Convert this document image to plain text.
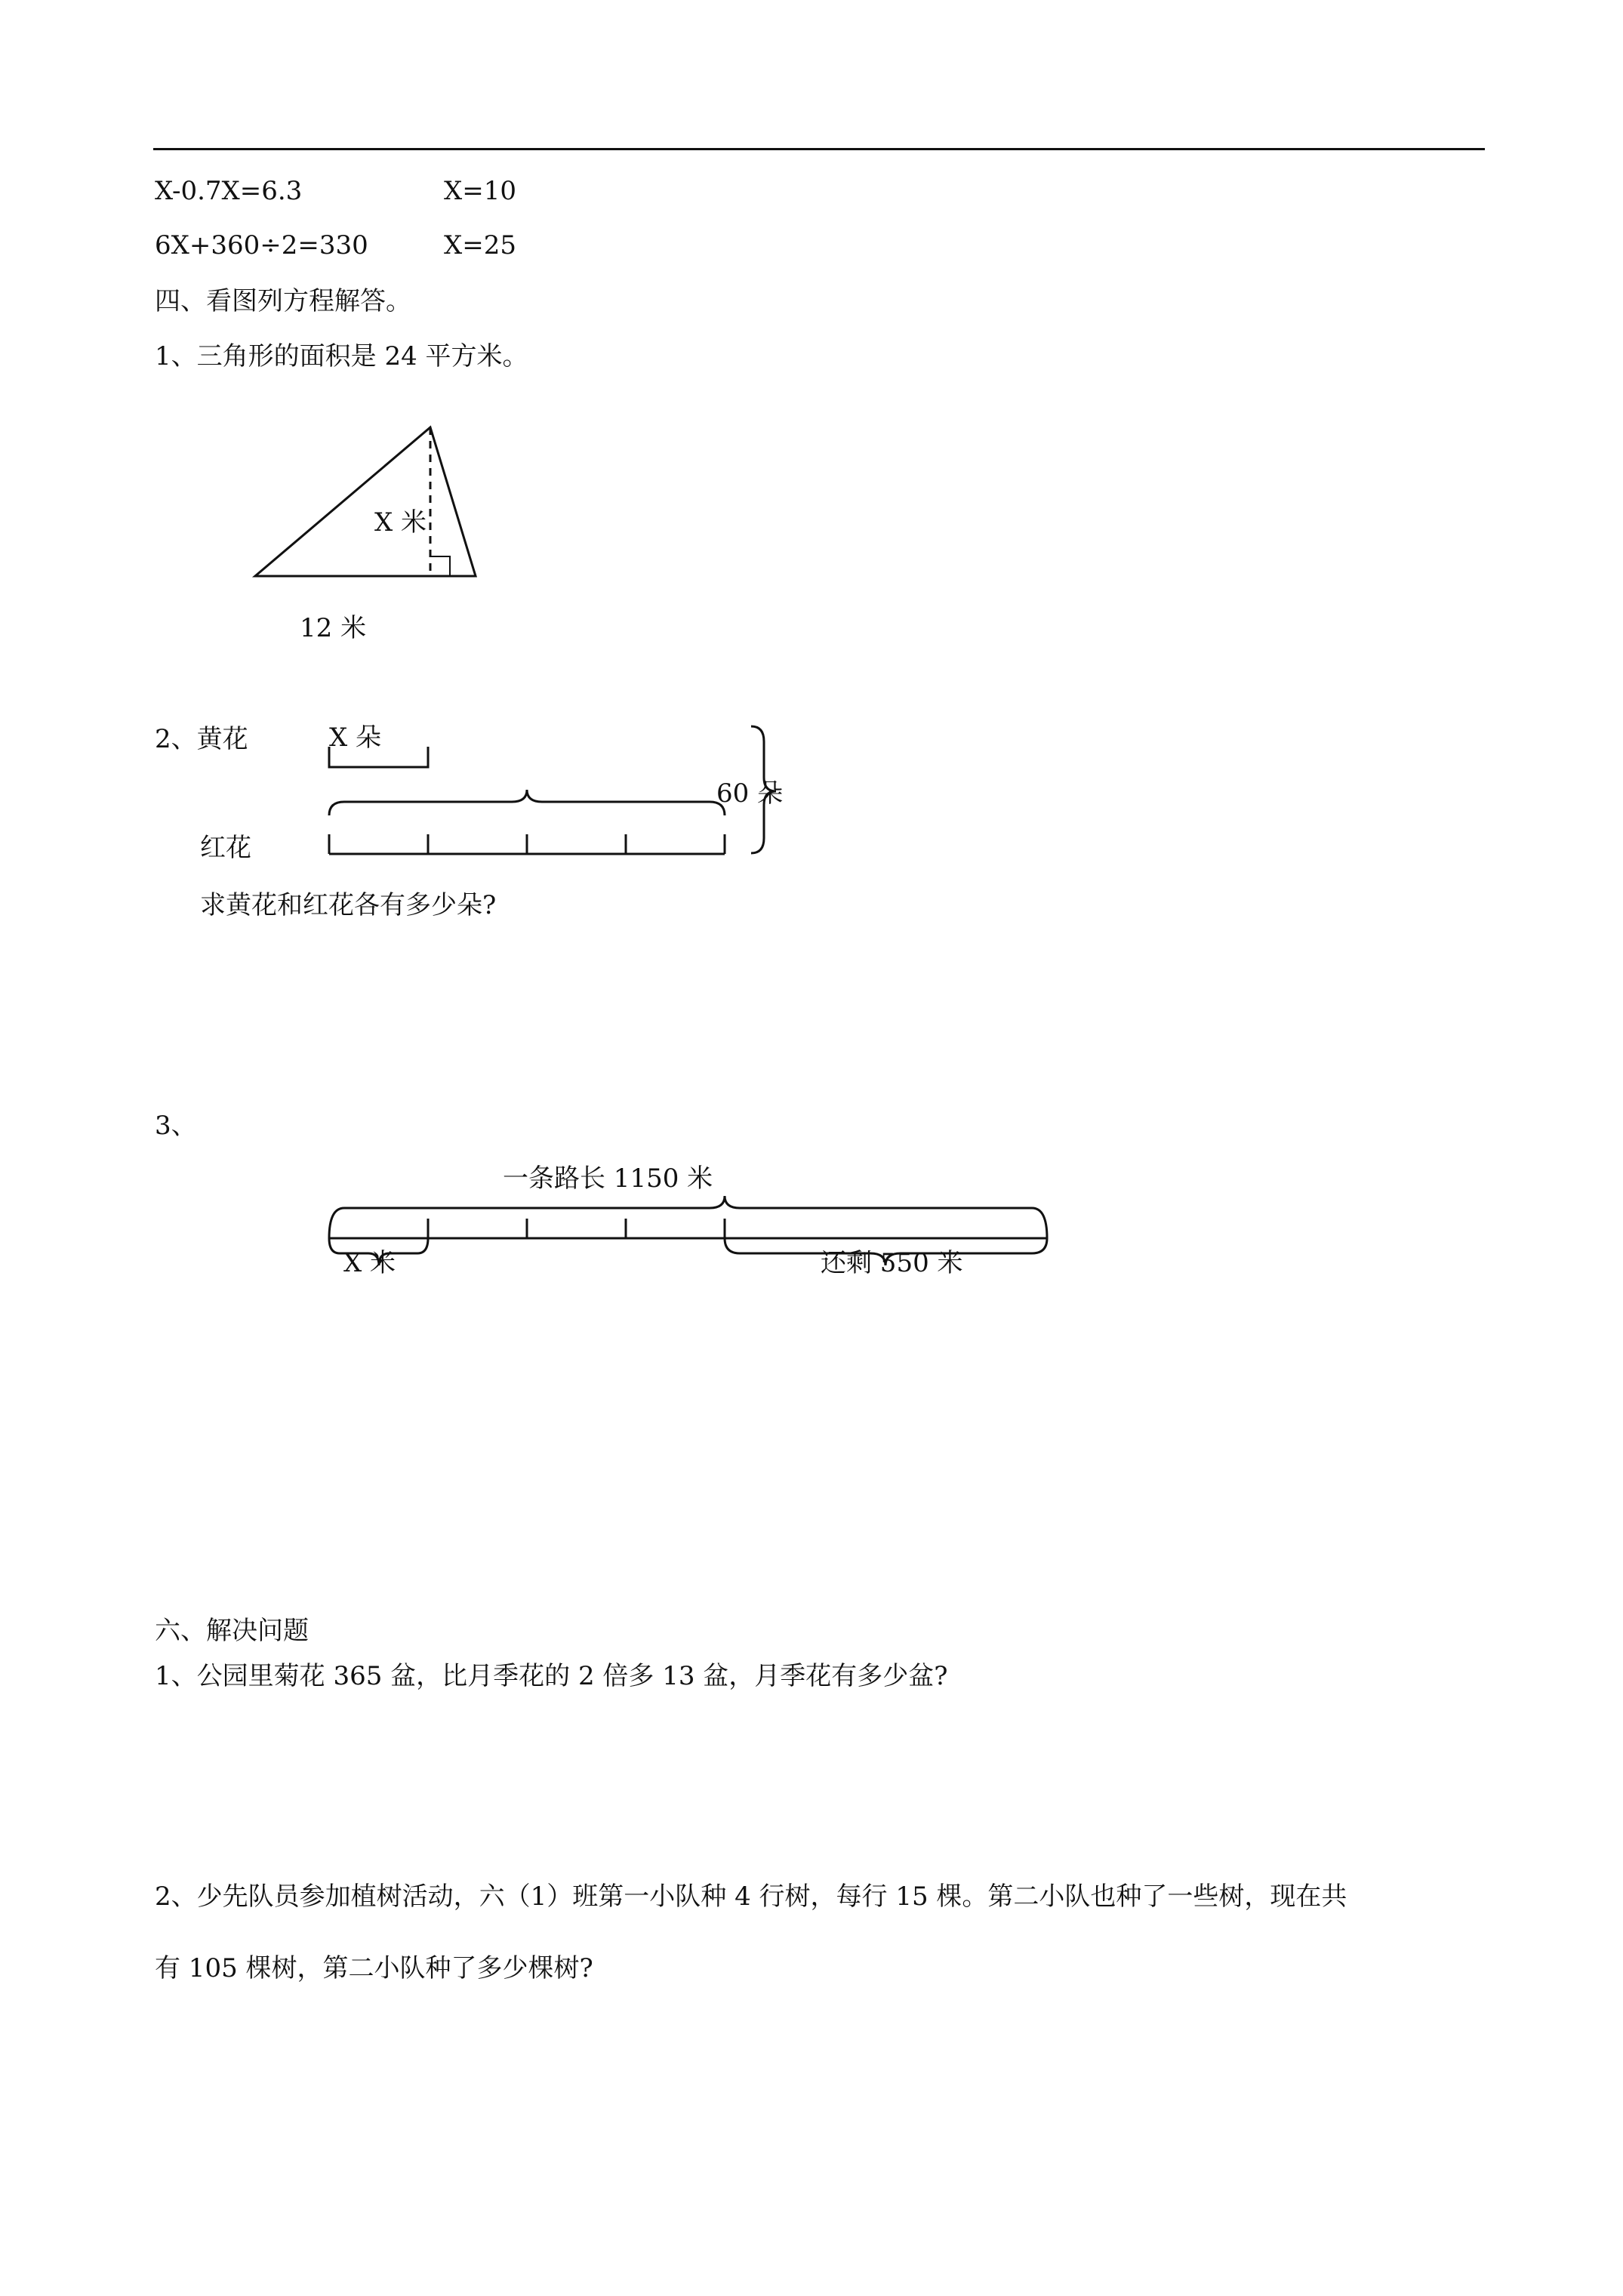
X-0.7X=6.3	X=10
6X+360÷2=330	X=25
四、看图列方程解答。
1、三角形的面积是 24 平方米。
X 米
12 米
2、黄花	X 朵
60 朵
红花
求黄花和红花各有多少朵?
3、
一条路长 1150 米
X 米	还剩 550 米
六、解决问题
1、公园里菊花 365 盆，比月季花的 2 倍多 13 盆，月季花有多少盆?
2、少先队员参加植树活动，六（1）班第一小队种 4 行树，每行 15 棵。第二小队也种了一些树，现在共
有 105 棵树，第二小队种了多少棵树?
